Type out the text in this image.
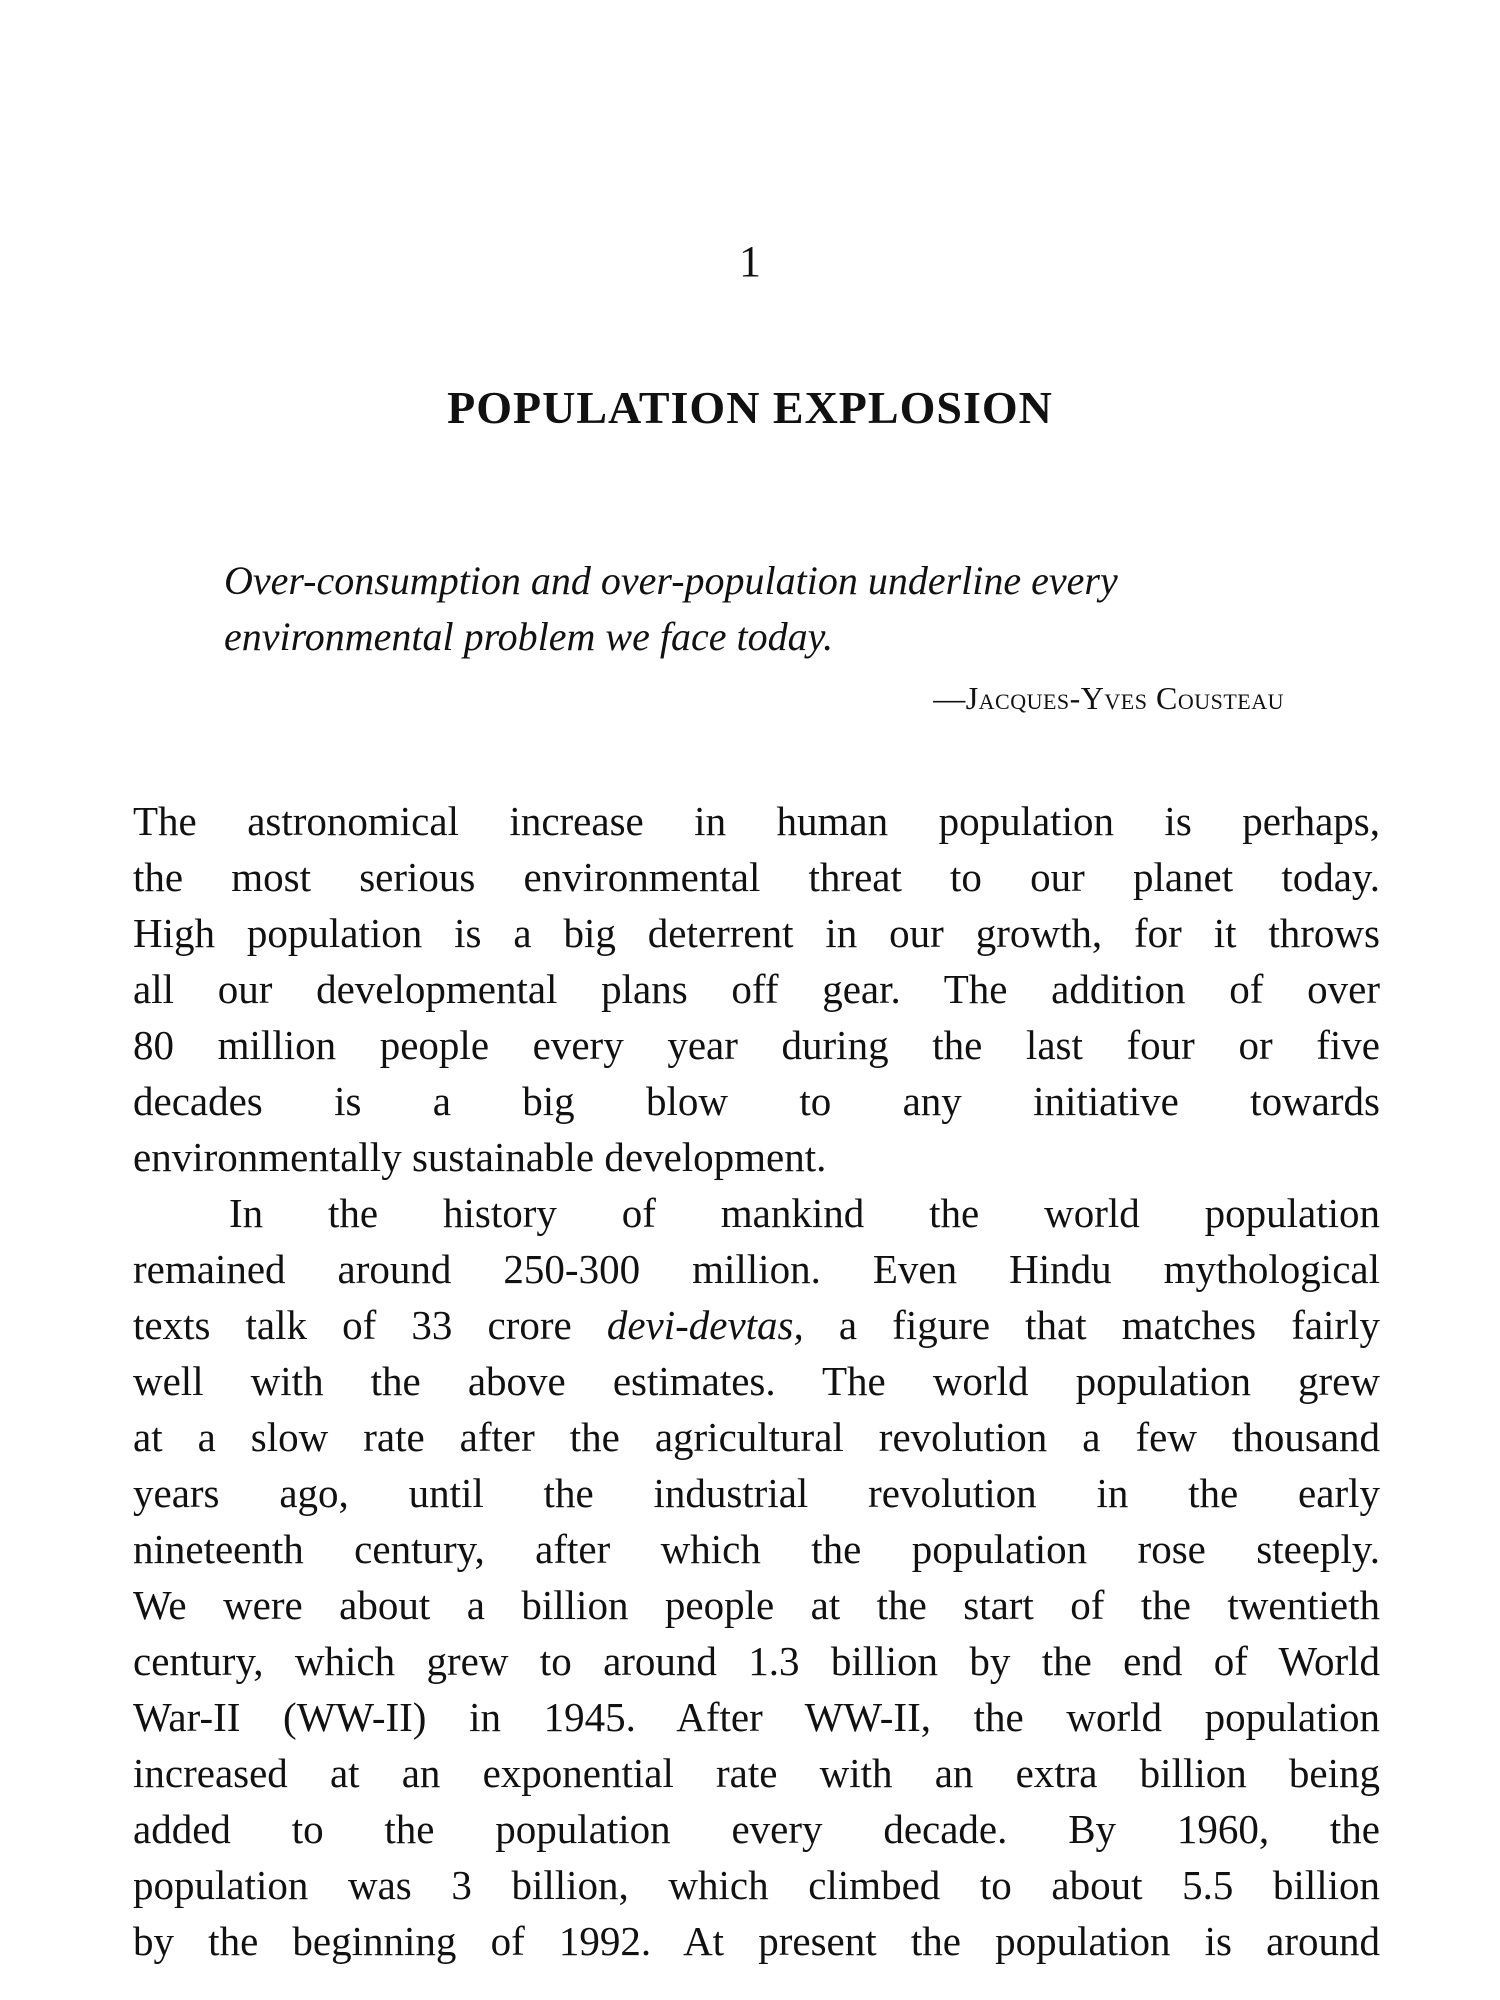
1
POPULATION EXPLOSION
Over-consumption and over-population underline every environmental problem we face today.
—Jacques-Yves Cousteau
The astronomical increase in human population is perhaps,
the most serious environmental threat to our planet today.
High population is a big deterrent in our growth, for it throws
all our developmental plans off gear. The addition of over
80 million people every year during the last four or five
decades is a big blow to any initiative towards
environmentally sustainable development.
In the history of mankind the world population
remained around 250-300 million. Even Hindu mythological
texts talk of 33 crore devi-devtas, a figure that matches fairly
well with the above estimates. The world population grew
at a slow rate after the agricultural revolution a few thousand
years ago, until the industrial revolution in the early
nineteenth century, after which the population rose steeply.
We were about a billion people at the start of the twentieth
century, which grew to around 1.3 billion by the end of World
War-II (WW-II) in 1945. After WW-II, the world population
increased at an exponential rate with an extra billion being
added to the population every decade. By 1960, the
population was 3 billion, which climbed to about 5.5 billion
by the beginning of 1992. At present the population is around
